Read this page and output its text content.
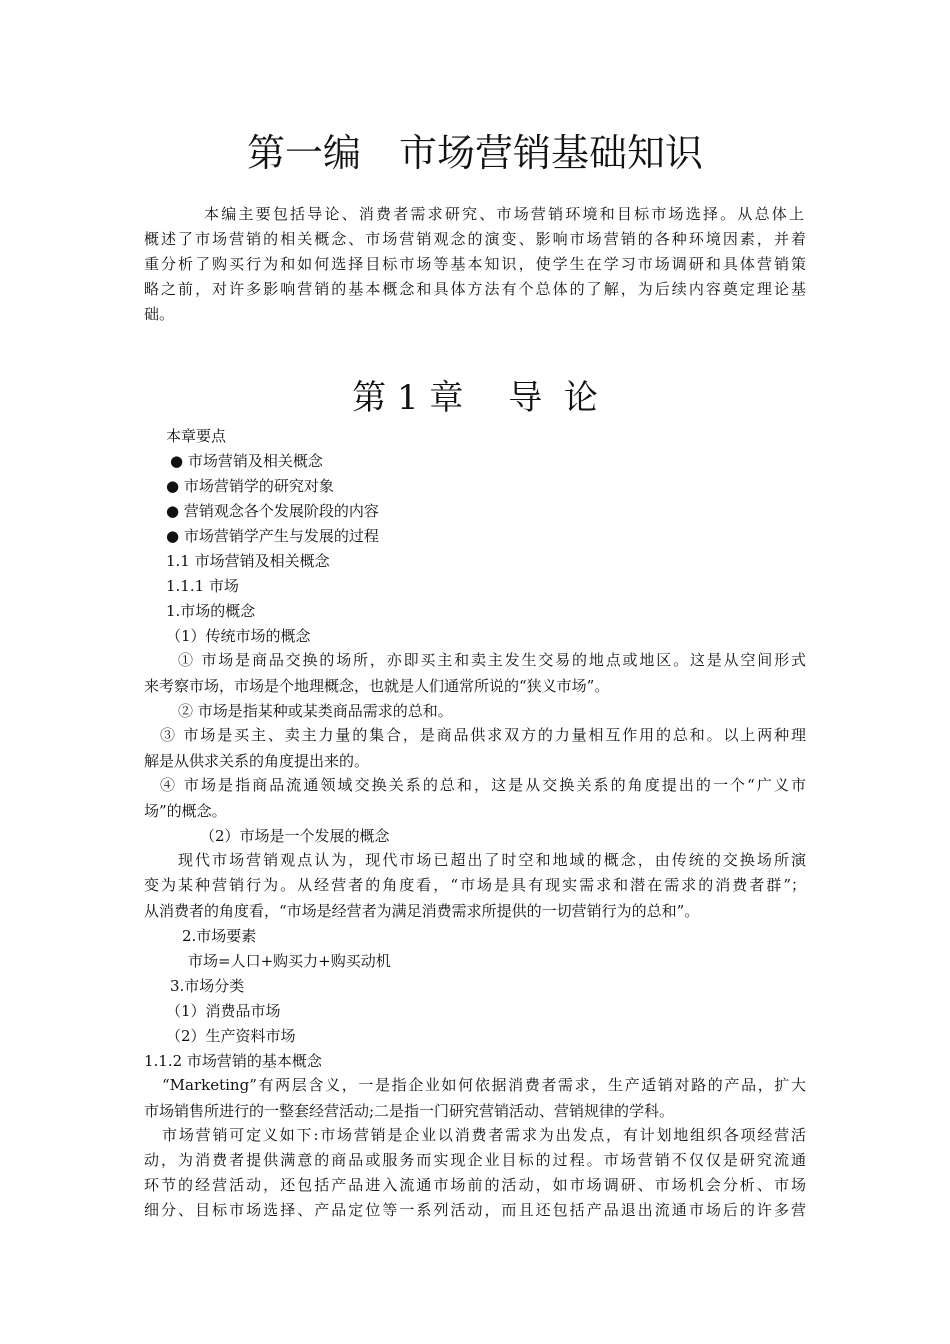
第一编　市场营销基础知识
本编主要包括导论、消费者需求研究、市场营销环境和目标市场选择。从总体上
概述了市场营销的相关概念、市场营销观念的演变、影响市场营销的各种环境因素，并着
重分析了购买行为和如何选择目标市场等基本知识，使学生在学习市场调研和具体营销策
略之前，对许多影响营销的基本概念和具体方法有个总体的了解，为后续内容奠定理论基
础。
第 1 章　 导  论
本章要点
● 市场营销及相关概念
● 市场营销学的研究对象
● 营销观念各个发展阶段的内容
● 市场营销学产生与发展的过程
1.1 市场营销及相关概念
1.1.1 市场
1.市场的概念
（1）传统市场的概念
① 市场是商品交换的场所，亦即买主和卖主发生交易的地点或地区。这是从空间形式
来考察市场，市场是个地理概念，也就是人们通常所说的“狭义市场”。
② 市场是指某种或某类商品需求的总和。
③ 市场是买主、卖主力量的集合，是商品供求双方的力量相互作用的总和。以上两种理
解是从供求关系的角度提出来的。
④ 市场是指商品流通领域交换关系的总和，这是从交换关系的角度提出的一个“广义市
场”的概念。
（2）市场是一个发展的概念
现代市场营销观点认为，现代市场已超出了时空和地域的概念，由传统的交换场所演
变为某种营销行为。从经营者的角度看，“市场是具有现实需求和潜在需求的消费者群”；
从消费者的角度看，“市场是经营者为满足消费需求所提供的一切营销行为的总和”。
2.市场要素
市场=人口+购买力+购买动机
3.市场分类
（1）消费品市场
（2）生产资料市场
1.1.2 市场营销的基本概念
“Marketing”有两层含义，一是指企业如何依据消费者需求，生产适销对路的产品，扩大
市场销售所进行的一整套经营活动;二是指一门研究营销活动、营销规律的学科。
市场营销可定义如下:市场营销是企业以消费者需求为出发点，有计划地组织各项经营活
动，为消费者提供满意的商品或服务而实现企业目标的过程。市场营销不仅仅是研究流通
环节的经营活动，还包括产品进入流通市场前的活动，如市场调研、市场机会分析、市场
细分、目标市场选择、产品定位等一系列活动，而且还包括产品退出流通市场后的许多营
